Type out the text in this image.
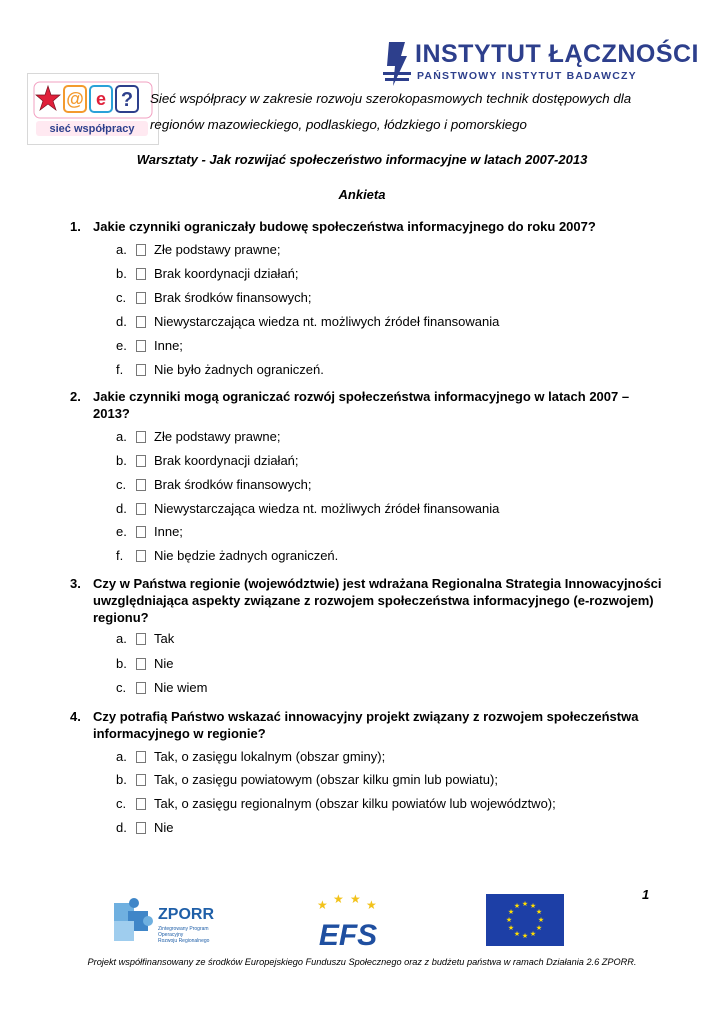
@ e ?
sieć współpracy
INSTYTUT ŁĄCZNOŚCI
PAŃSTWOWY INSTYTUT BADAWCZY
Sieć współpracy w zakresie rozwoju szerokopasmowych technik dostępowych dla
regionów mazowieckiego, podlaskiego, łódzkiego i pomorskiego
Warsztaty - Jak rozwijać społeczeństwo informacyjne w latach 2007-2013
Ankieta
1. Jakie czynniki ograniczały budowę społeczeństwa informacyjnego do roku 2007?
a. Złe podstawy prawne;
b. Brak koordynacji działań;
c. Brak środków finansowych;
d. Niewystarczająca wiedza nt. możliwych źródeł finansowania
e. Inne;
f. Nie było żadnych ograniczeń.
2. Jakie czynniki mogą ograniczać rozwój społeczeństwa informacyjnego w latach 2007 – 2013?
a. Złe podstawy prawne;
b. Brak koordynacji działań;
c. Brak środków finansowych;
d. Niewystarczająca wiedza nt. możliwych źródeł finansowania
e. Inne;
f. Nie będzie żadnych ograniczeń.
3. Czy w Państwa regionie (województwie) jest wdrażana Regionalna Strategia Innowacyjności uwzględniająca aspekty związane z rozwojem społeczeństwa informacyjnego (e-rozwojem) regionu?
a. Tak
b. Nie
c. Nie wiem
4. Czy potrafią Państwo wskazać innowacyjny projekt związany z rozwojem społeczeństwa informacyjnego w regionie?
a. Tak, o zasięgu lokalnym (obszar gminy);
b. Tak, o zasięgu powiatowym (obszar kilku gmin lub powiatu);
c. Tak, o zasięgu regionalnym (obszar kilku powiatów lub województwo);
d. Nie
1
ZPORR
Zintegrowany Program
Operacyjny
Rozwoju Regionalnego
★ ★ ★ ★
EFS
★ ★
★
★
★
★
★
★
★
★
★
★
Projekt współfinansowany ze środków Europejskiego Funduszu Społecznego oraz z budżetu państwa w ramach Działania 2.6 ZPORR.
